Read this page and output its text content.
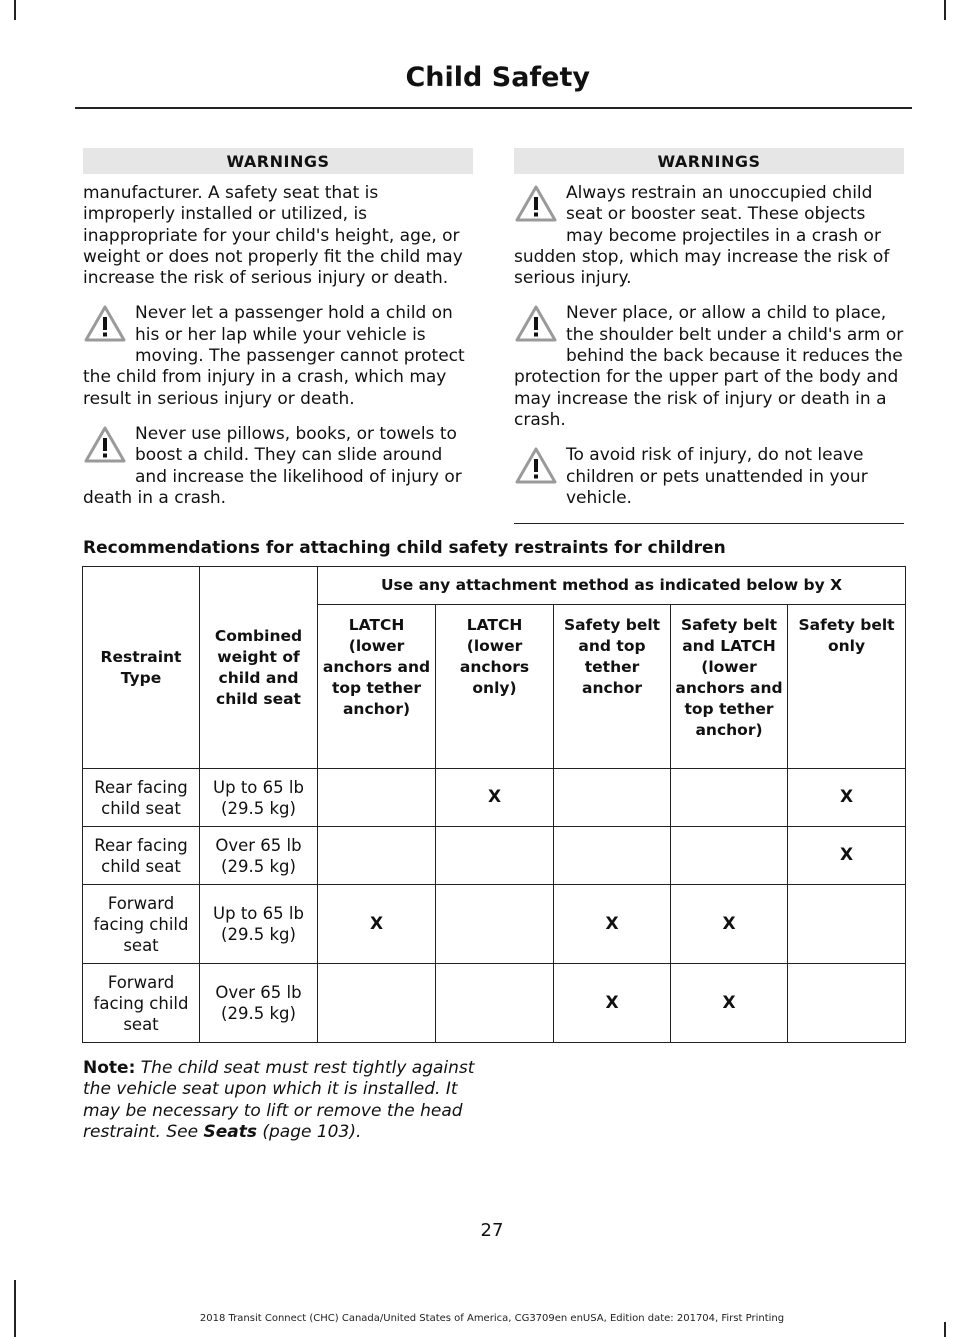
Child Safety
WARNINGS

manufacturer. A safety seat that is improperly installed or utilized, is inappropriate for your child's height, age, or weight or does not properly fit the child may increase the risk of serious injury or death.

Never let a passenger hold a child on his or her lap while your vehicle is moving. The passenger cannot protect the child from injury in a crash, which may result in serious injury or death.
Never use pillows, books, or towels to boost a child. They can slide around and increase the likelihood of injury or death in a crash.
WARNINGS
Always restrain an unoccupied child seat or booster seat. These objects may become projectiles in a crash or sudden stop, which may increase the risk of serious injury.
Never place, or allow a child to place, the shoulder belt under a child's arm or behind the back because it reduces the protection for the upper part of the body and may increase the risk of injury or death in a crash.
To avoid risk of injury, do not leave children or pets unattended in your vehicle.
Recommendations for attaching child safety restraints for children
Restraint Type	Combined weight of child and child seat	Use any attachment method as indicated below by X				
		LATCH (lower anchors and top tether anchor)	LATCH (lower anchors only)	Safety belt and top tether anchor	Safety belt and LATCH (lower anchors and top tether anchor)	Safety belt only
Rear facing child seat	Up to 65 lb (29.5 kg)		X			X
Rear facing child seat	Over 65 lb (29.5 kg)					X
Forward facing child seat	Up to 65 lb (29.5 kg)	X		X	X	
Forward facing child seat	Over 65 lb (29.5 kg)			X	X	
Note: The child seat must rest tightly against the vehicle seat upon which it is installed. It may be necessary to lift or remove the head restraint. See Seats (page 103).
27
2018 Transit Connect (CHC) Canada/United States of America, CG3709en enUSA, Edition date: 201704, First Printing
